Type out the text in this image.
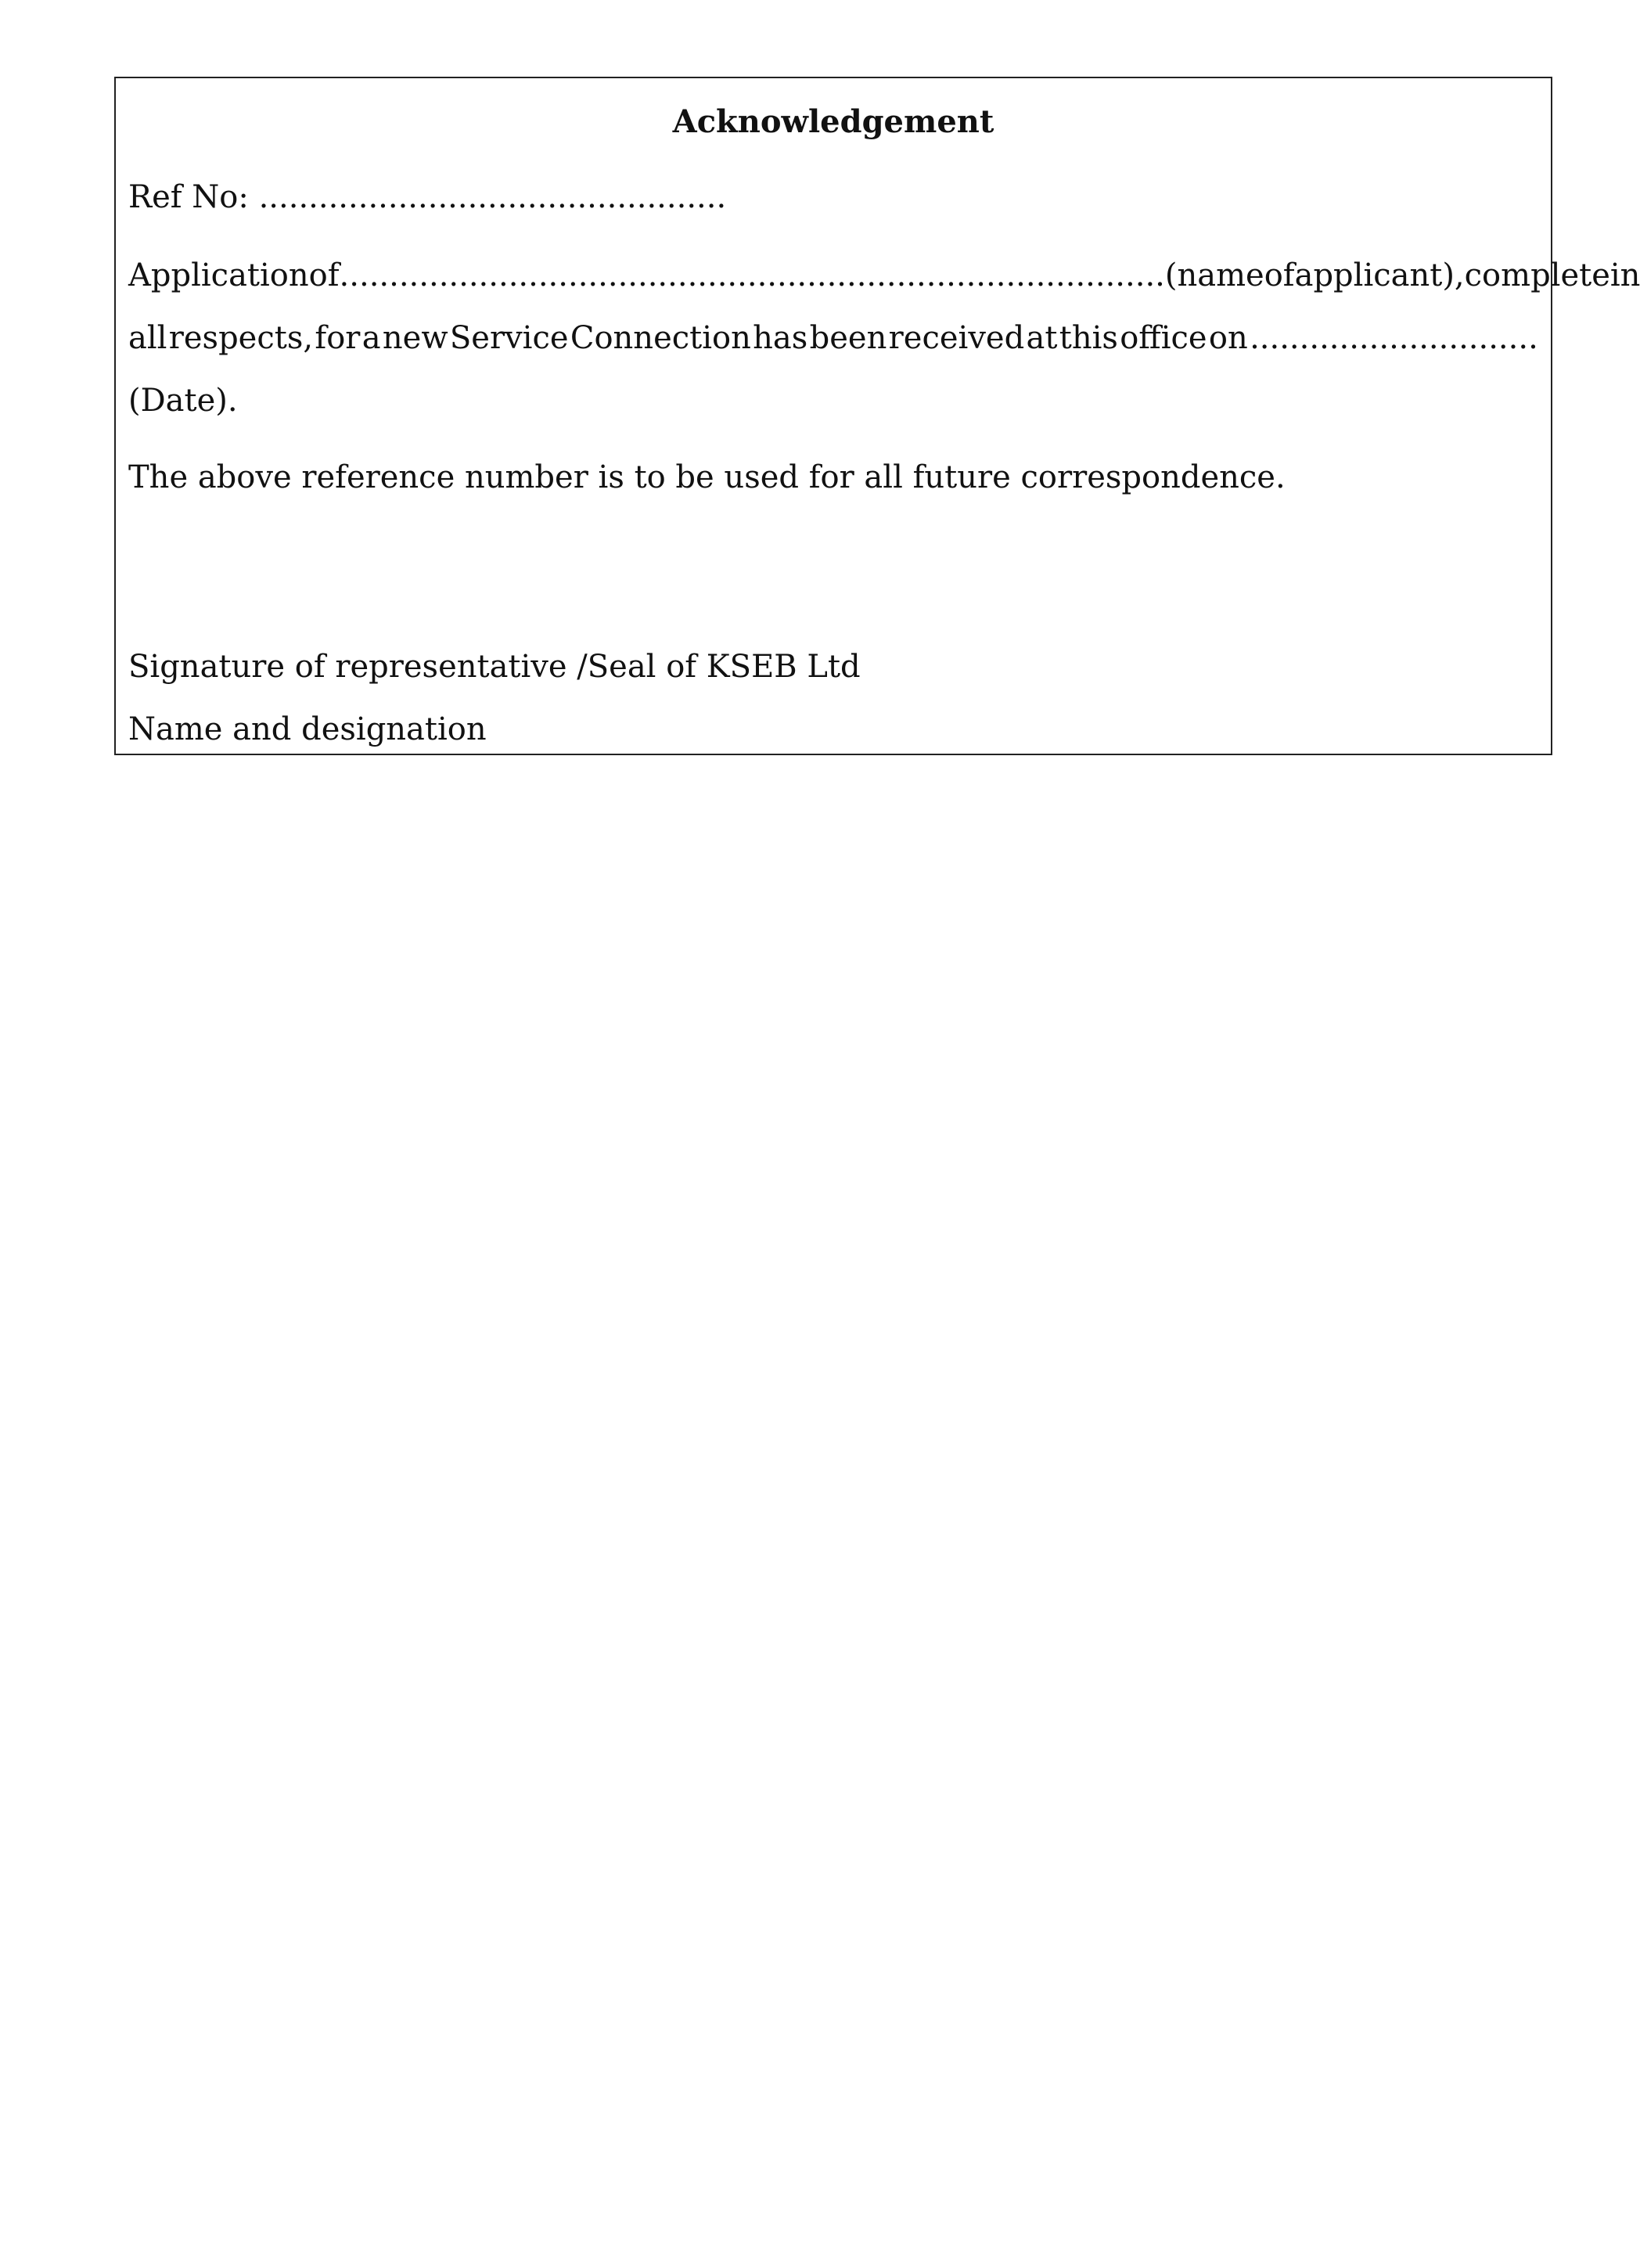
Acknowledgement

Ref No: ...............................................

Application of ...................................................................................(name of applicant), complete in
all respects, for a new Service Connection has been received at this office on .............................

(Date).

The above reference number is to be used for all future correspondence.

Signature of representative /Seal of KSEB Ltd

Name and designation
